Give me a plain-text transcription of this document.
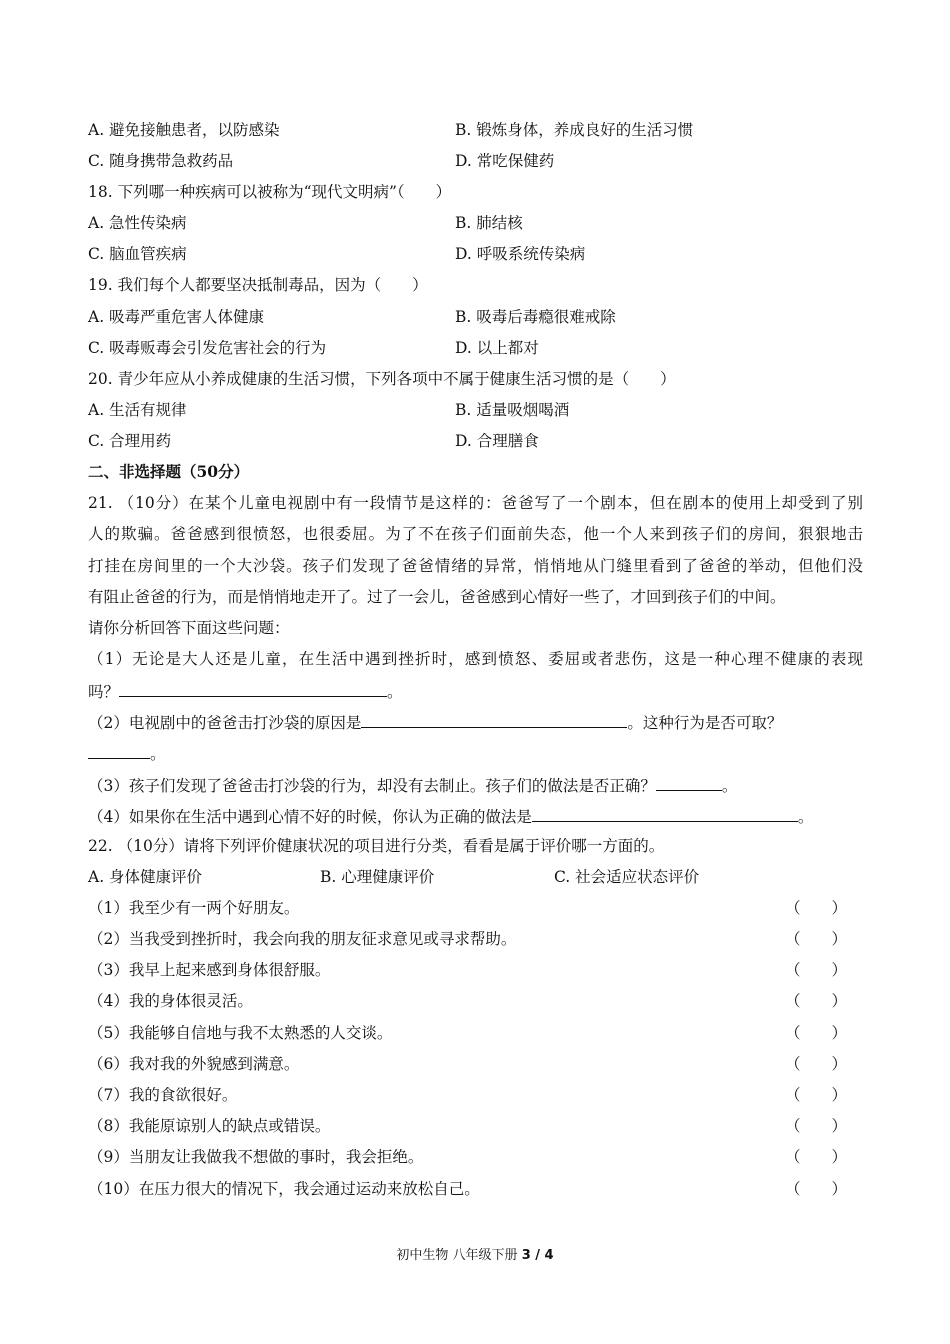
A. 避免接触患者，以防感染	B. 锻炼身体，养成良好的生活习惯
C. 随身携带急救药品	D. 常吃保健药
18. 下列哪一种疾病可以被称为“现代文明病”（　　）
A. 急性传染病	B. 肺结核
C. 脑血管疾病	D. 呼吸系统传染病
19. 我们每个人都要坚决抵制毒品，因为（　　）
A. 吸毒严重危害人体健康	B. 吸毒后毒瘾很难戒除
C. 吸毒贩毒会引发危害社会的行为	D. 以上都对
20. 青少年应从小养成健康的生活习惯，下列各项中不属于健康生活习惯的是（　　）
A. 生活有规律	B. 适量吸烟喝酒
C. 合理用药	D. 合理膳食
二、非选择题（50分）
21. （10分）在某个儿童电视剧中有一段情节是这样的：爸爸写了一个剧本，但在剧本的使用上却受到了别
人的欺骗。爸爸感到很愤怒，也很委屈。为了不在孩子们面前失态，他一个人来到孩子们的房间，狠狠地击
打挂在房间里的一个大沙袋。孩子们发现了爸爸情绪的异常，悄悄地从门缝里看到了爸爸的举动，但他们没
有阻止爸爸的行为，而是悄悄地走开了。过了一会儿，爸爸感到心情好一些了，才回到孩子们的中间。
请你分析回答下面这些问题：
（1）无论是大人还是儿童，在生活中遇到挫折时，感到愤怒、委屈或者悲伤，这是一种心理不健康的表现
吗？	。
（2）电视剧中的爸爸击打沙袋的原因是	。这种行为是否可取？
。
（3）孩子们发现了爸爸击打沙袋的行为，却没有去制止。孩子们的做法是否正确？	。
（4）如果你在生活中遇到心情不好的时候，你认为正确的做法是	。
22. （10分）请将下列评价健康状况的项目进行分类，看看是属于评价哪一方面的。
A. 身体健康评价	B. 心理健康评价	C. 社会适应状态评价
（1）我至少有一两个好朋友。	（　　）
（2）当我受到挫折时，我会向我的朋友征求意见或寻求帮助。	（　　）
（3）我早上起来感到身体很舒服。	（　　）
（4）我的身体很灵活。	（　　）
（5）我能够自信地与我不太熟悉的人交谈。	（　　）
（6）我对我的外貌感到满意。	（　　）
（7）我的食欲很好。	（　　）
（8）我能原谅别人的缺点或错误。	（　　）
（9）当朋友让我做我不想做的事时，我会拒绝。	（　　）
（10）在压力很大的情况下，我会通过运动来放松自己。	（　　）
初中生物 八年级下册 3 / 4
